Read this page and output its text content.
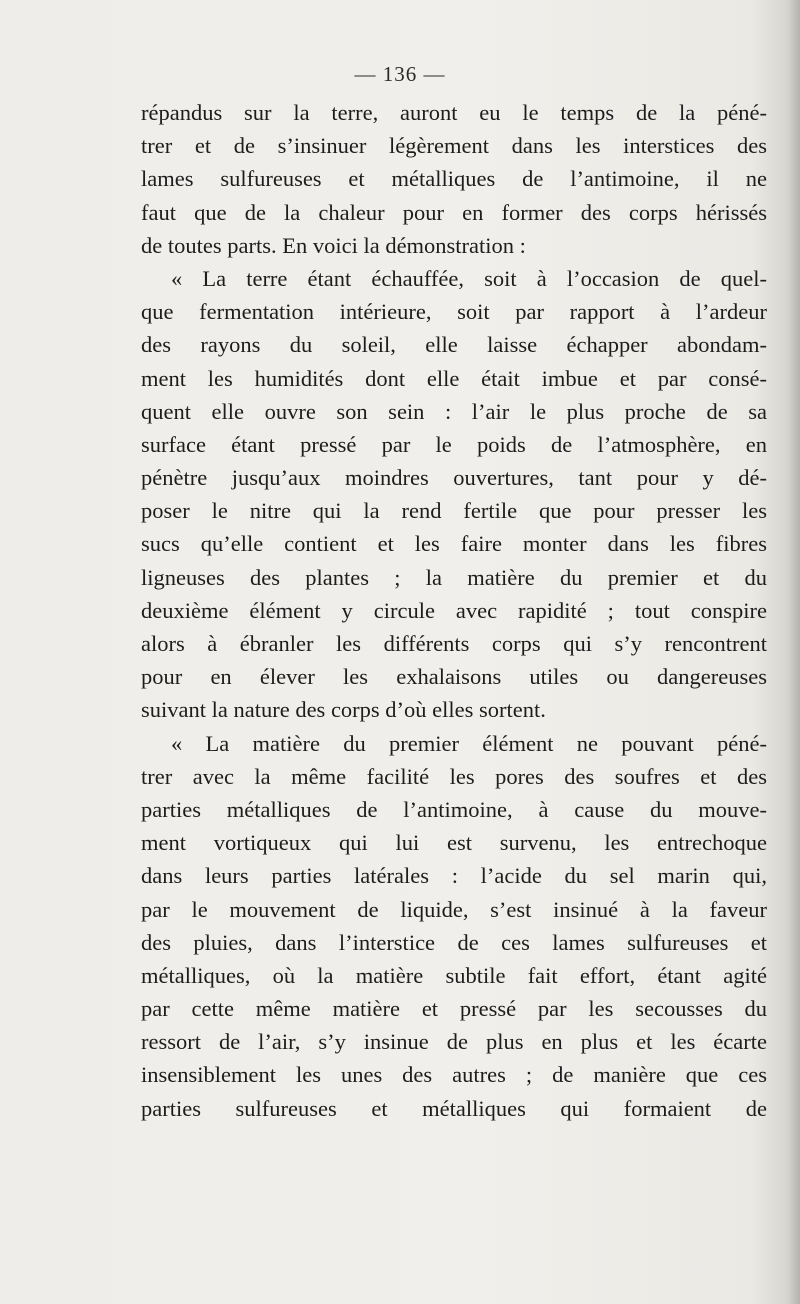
— 136 —
répandus sur la terre, auront eu le temps de la péné-
trer et de s’insinuer légèrement dans les interstices des
lames sulfureuses et métalliques de l’antimoine, il ne
faut que de la chaleur pour en former des corps hérissés
de toutes parts. En voici la démonstration :
« La terre étant échauffée, soit à l’occasion de quel-
que fermentation intérieure, soit par rapport à l’ardeur
des rayons du soleil, elle laisse échapper abondam-
ment les humidités dont elle était imbue et par consé-
quent elle ouvre son sein : l’air le plus proche de sa
surface étant pressé par le poids de l’atmosphère, en
pénètre jusqu’aux moindres ouvertures, tant pour y dé-
poser le nitre qui la rend fertile que pour presser les
sucs qu’elle contient et les faire monter dans les fibres
ligneuses des plantes ; la matière du premier et du
deuxième élément y circule avec rapidité ; tout conspire
alors à ébranler les différents corps qui s’y rencontrent
pour en élever les exhalaisons utiles ou dangereuses
suivant la nature des corps d’où elles sortent.
« La matière du premier élément ne pouvant péné-
trer avec la même facilité les pores des soufres et des
parties métalliques de l’antimoine, à cause du mouve-
ment vortiqueux qui lui est survenu, les entrechoque
dans leurs parties latérales : l’acide du sel marin qui,
par le mouvement de liquide, s’est insinué à la faveur
des pluies, dans l’interstice de ces lames sulfureuses et
métalliques, où la matière subtile fait effort, étant agité
par cette même matière et pressé par les secousses du
ressort de l’air, s’y insinue de plus en plus et les écarte
insensiblement les unes des autres ; de manière que ces
parties sulfureuses et métalliques qui formaient de
